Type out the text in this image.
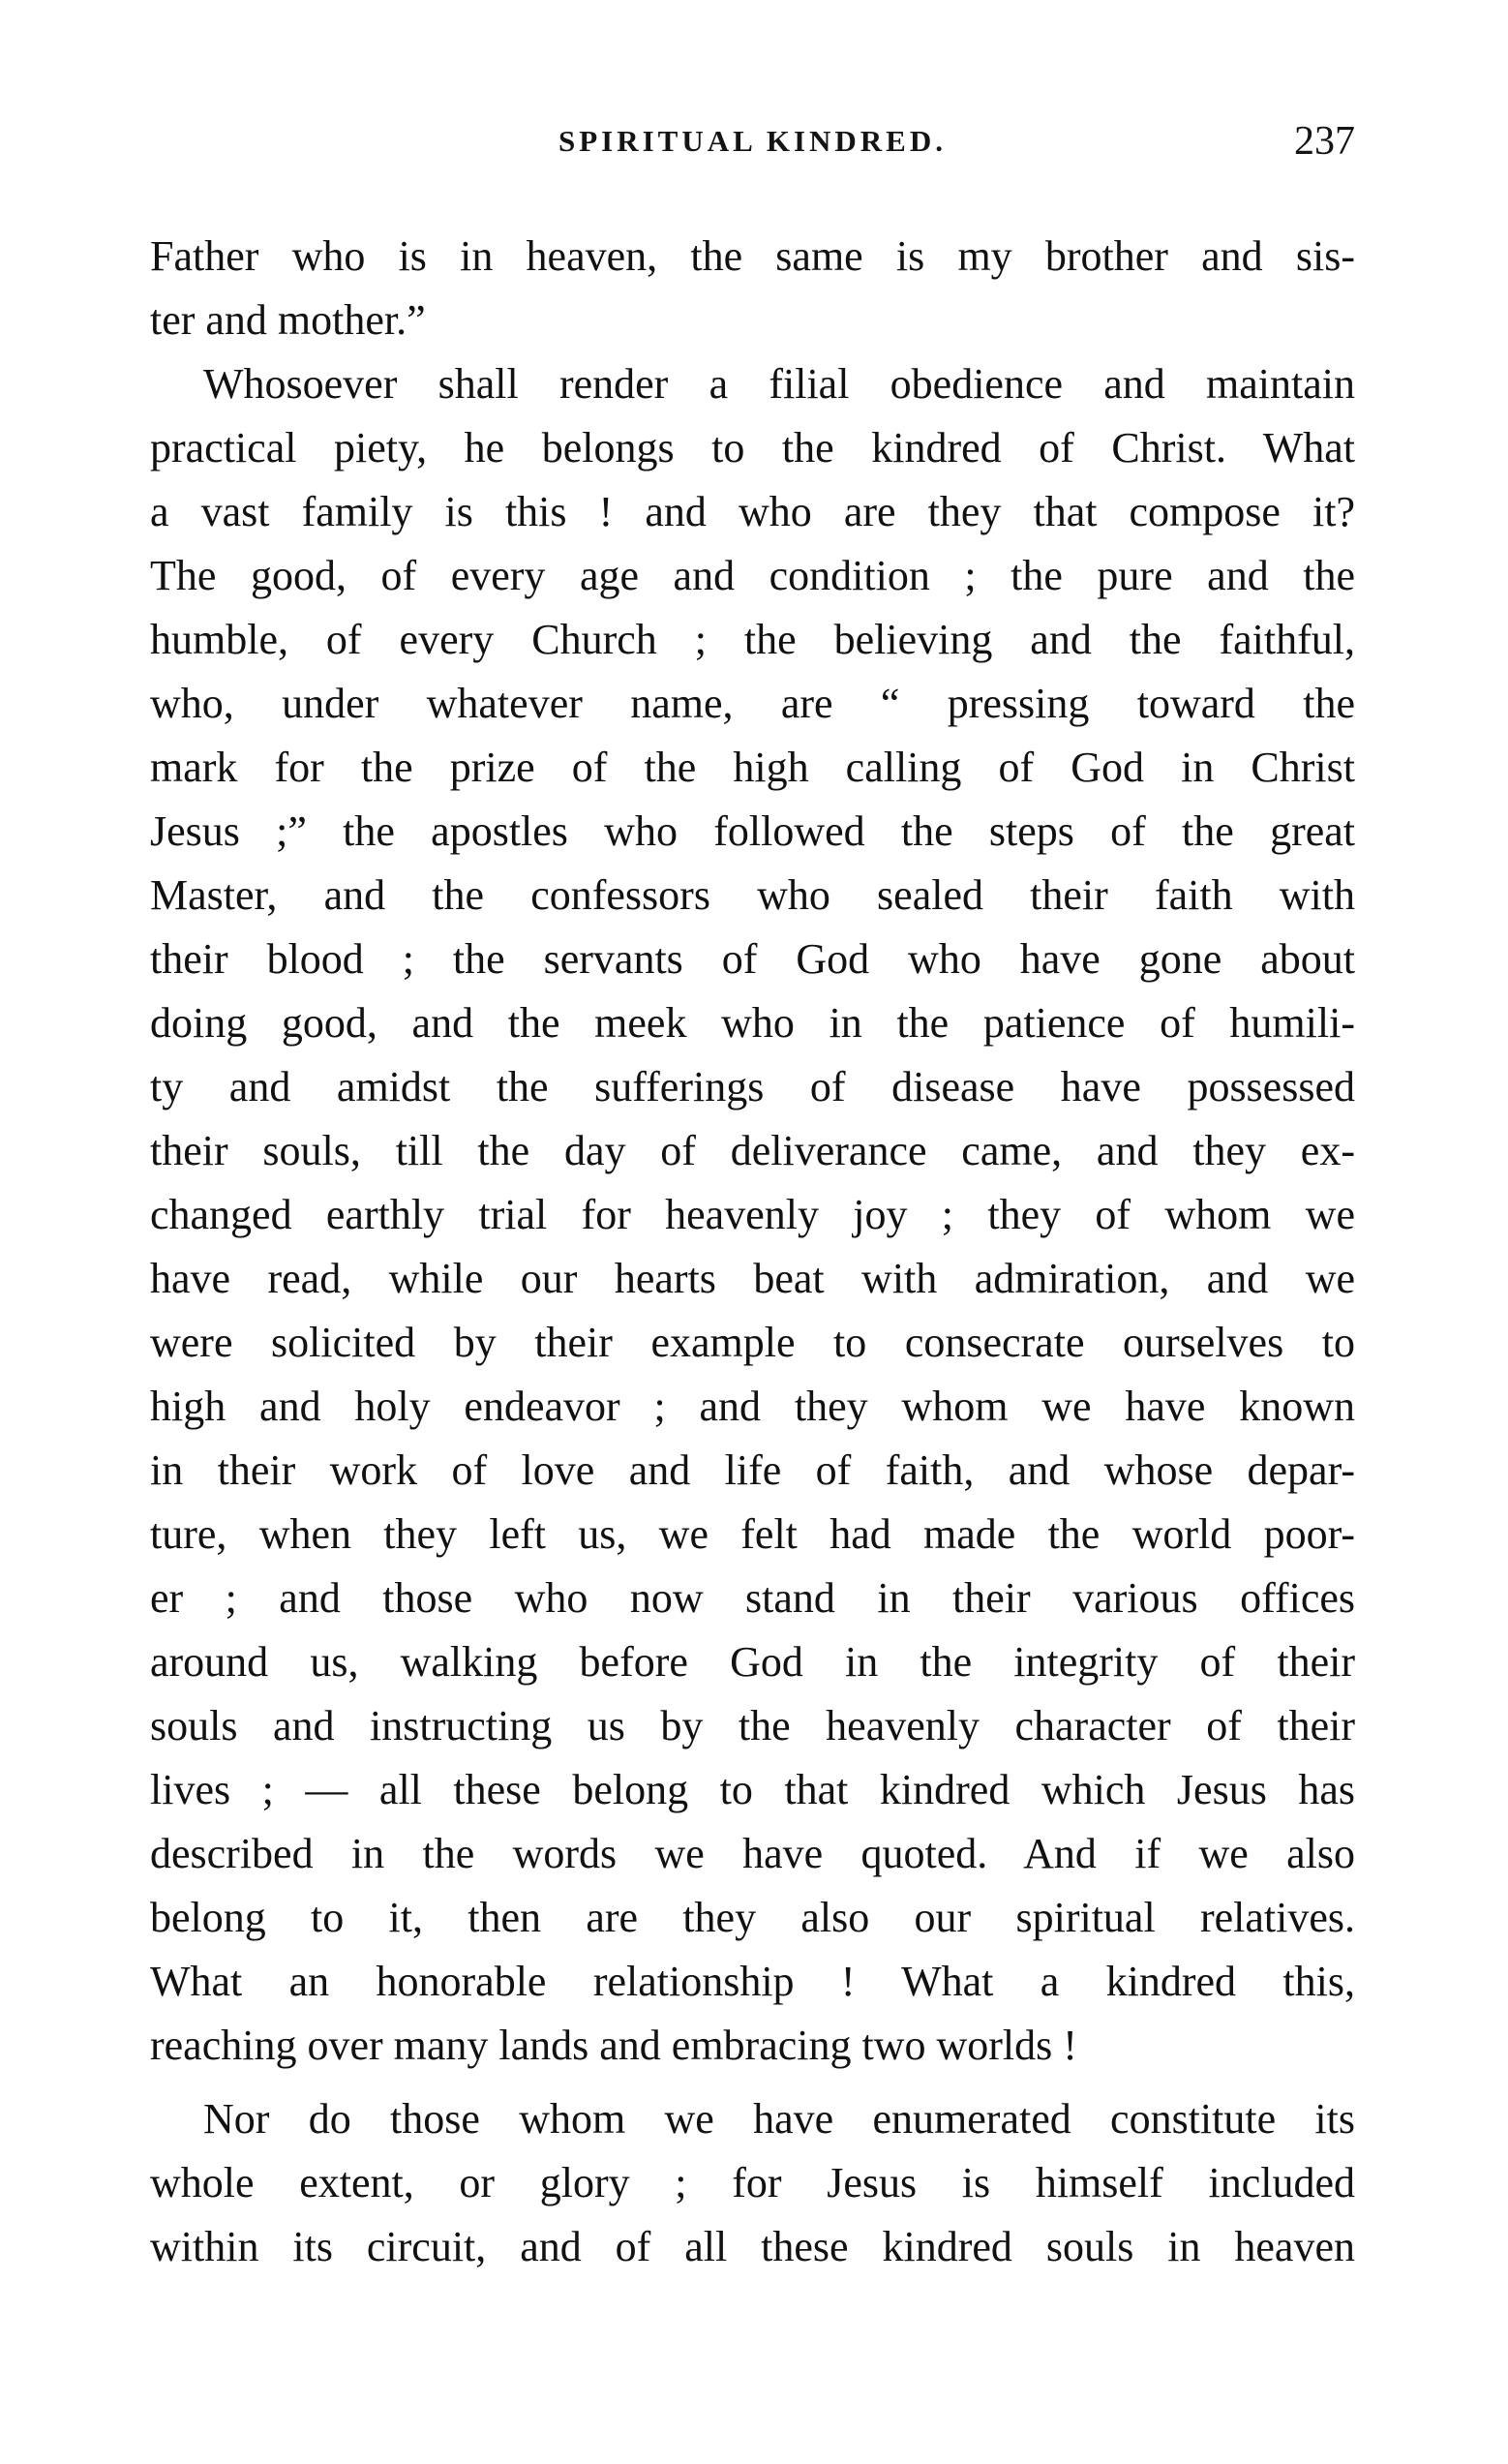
SPIRITUAL KINDRED.	237
Father who is in heaven, the same is my brother and sis-
ter and mother.”
Whosoever shall render a filial obedience and maintain
practical piety, he belongs to the kindred of Christ. What
a vast family is this ! and who are they that compose it?
The good, of every age and condition ; the pure and the
humble, of every Church ; the believing and the faithful,
who, under whatever name, are “ pressing toward the
mark for the prize of the high calling of God in Christ
Jesus ;” the apostles who followed the steps of the great
Master, and the confessors who sealed their faith with
their blood ; the servants of God who have gone about
doing good, and the meek who in the patience of humili-
ty and amidst the sufferings of disease have possessed
their souls, till the day of deliverance came, and they ex-
changed earthly trial for heavenly joy ; they of whom we
have read, while our hearts beat with admiration, and we
were solicited by their example to consecrate ourselves to
high and holy endeavor ; and they whom we have known
in their work of love and life of faith, and whose depar-
ture, when they left us, we felt had made the world poor-
er ; and those who now stand in their various offices
around us, walking before God in the integrity of their
souls and instructing us by the heavenly character of their
lives ; — all these belong to that kindred which Jesus has
described in the words we have quoted. And if we also
belong to it, then are they also our spiritual relatives.
What an honorable relationship ! What a kindred this,
reaching over many lands and embracing two worlds !
Nor do those whom we have enumerated constitute its
whole extent, or glory ; for Jesus is himself included
within its circuit, and of all these kindred souls in heaven
